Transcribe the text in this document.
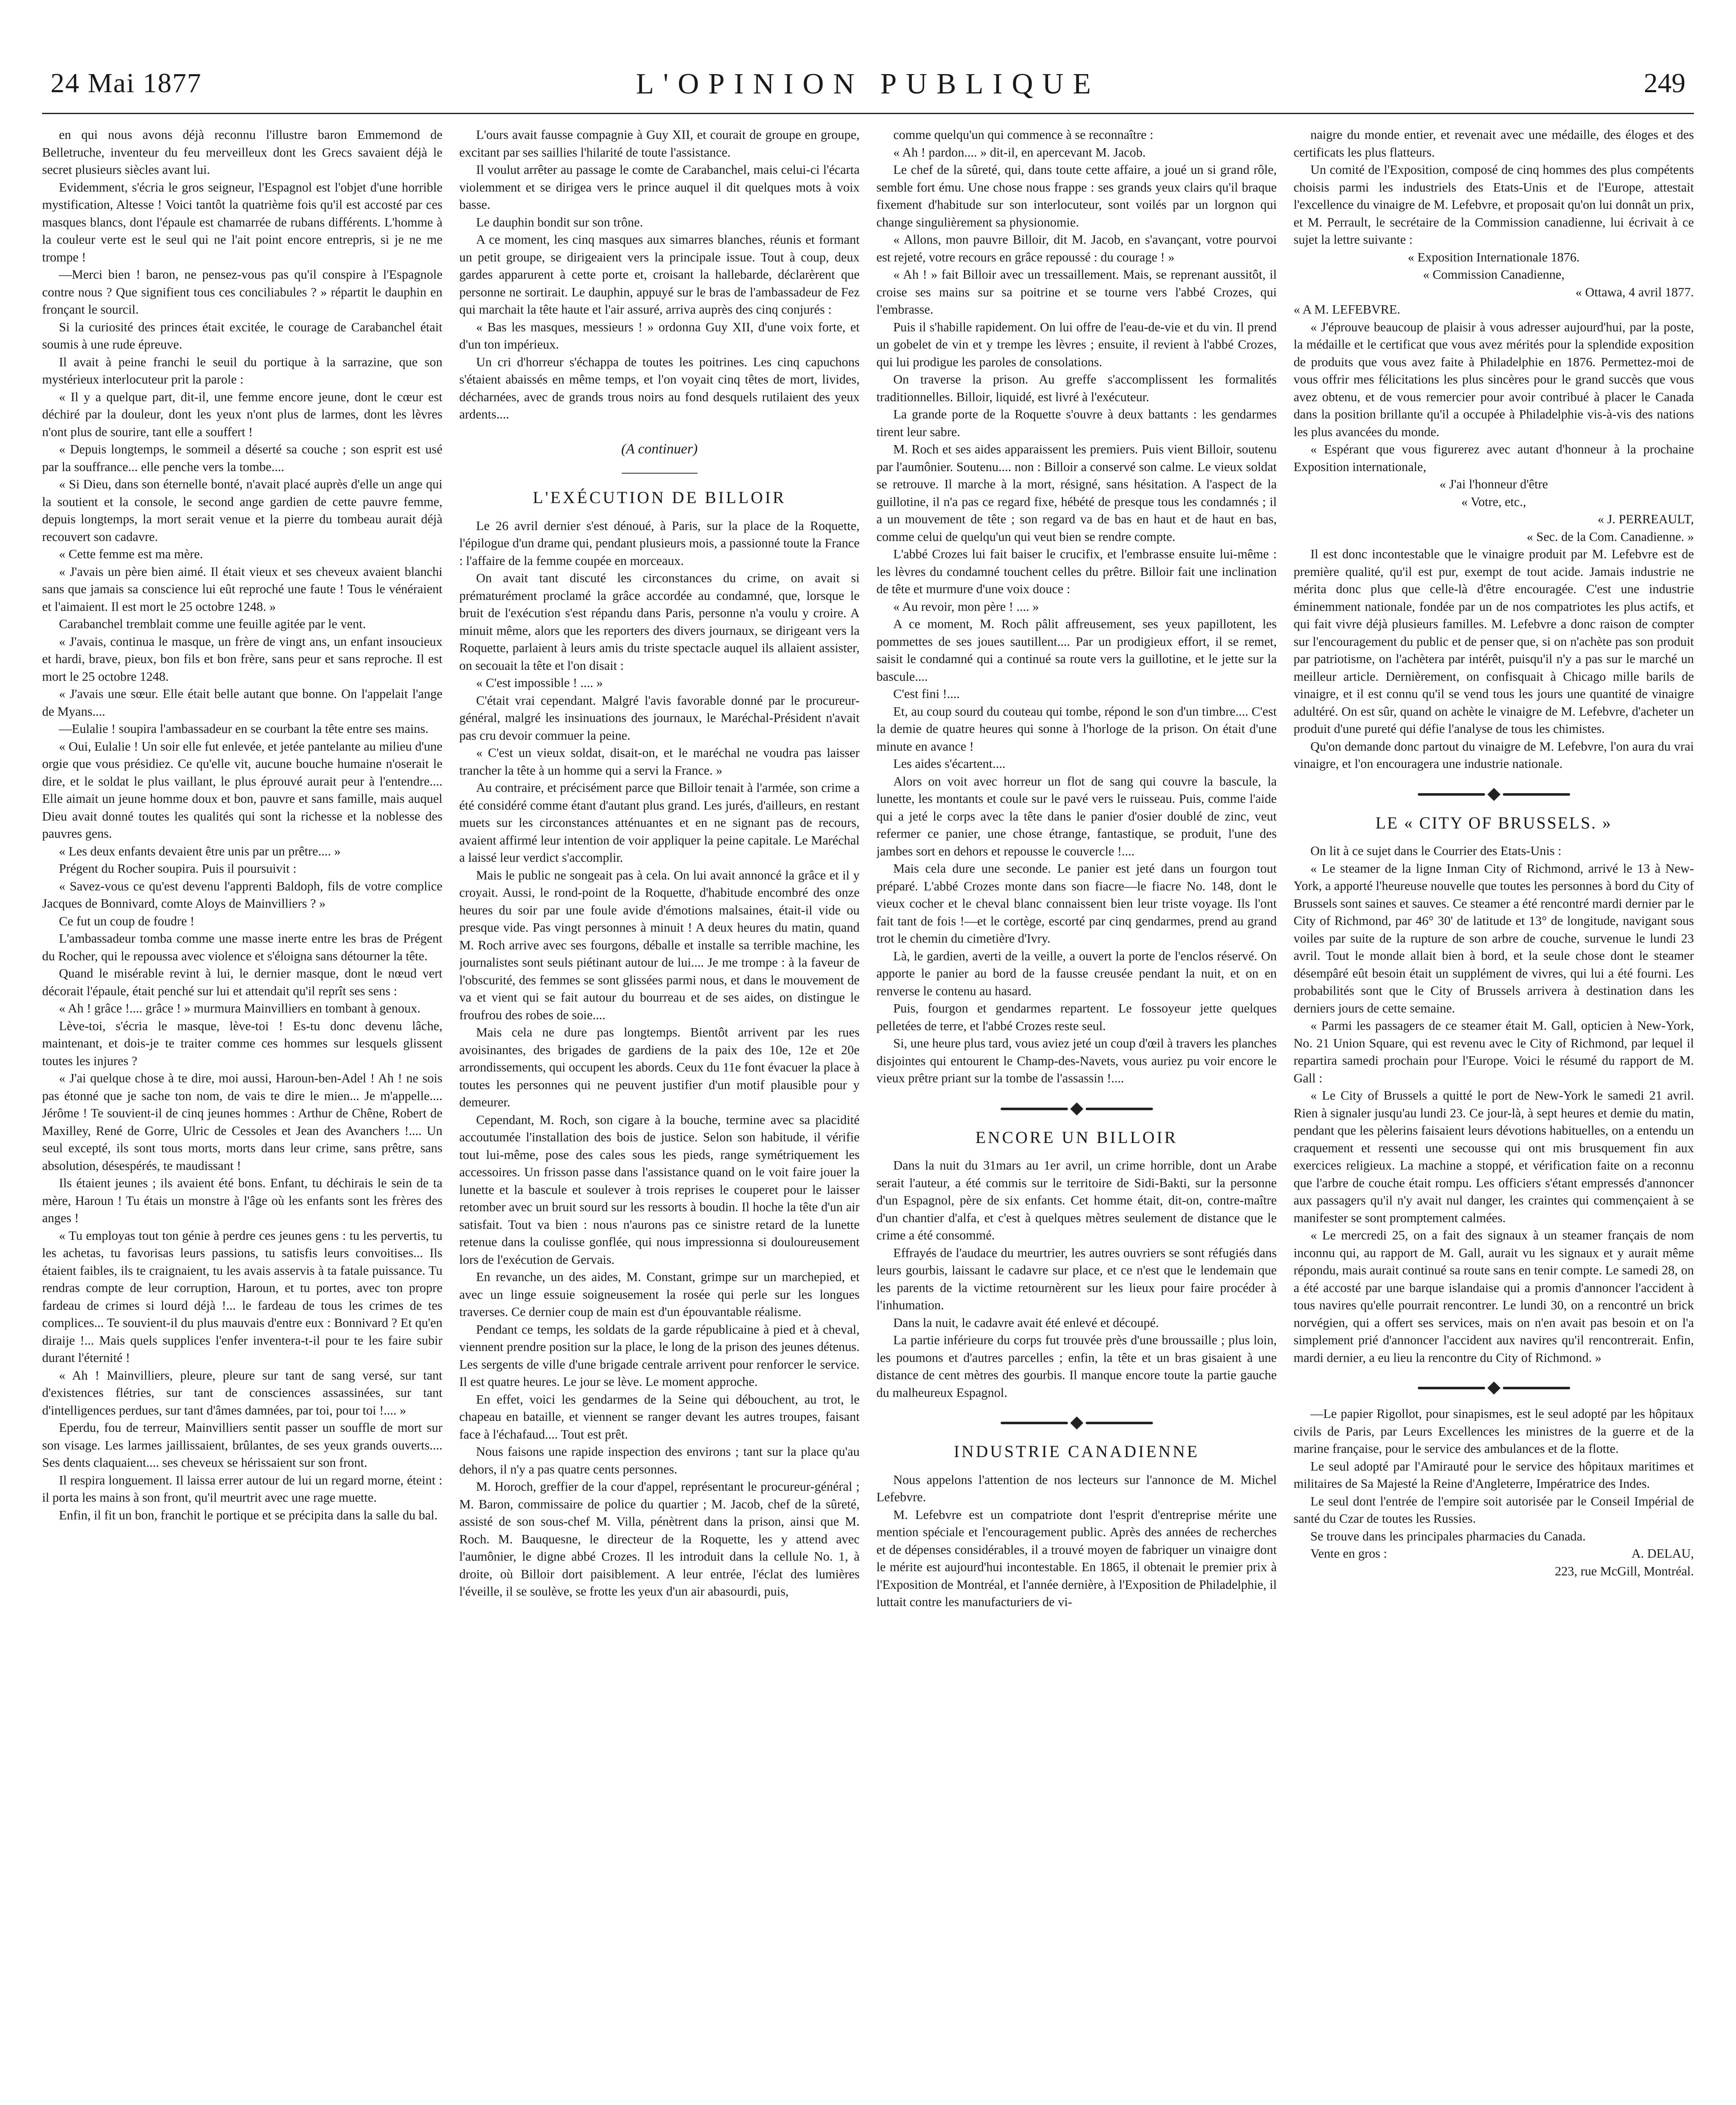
24 Mai 1877	L'OPINION PUBLIQUE	249

en qui nous avons déjà reconnu l'illustre baron Emmemond de Belletruche, inventeur du feu merveilleux dont les Grecs savaient déjà le secret plusieurs siècles avant lui.

Evidemment, s'écria le gros seigneur, l'Espagnol est l'objet d'une horrible mystification, Altesse ! Voici tantôt la quatrième fois qu'il est accosté par ces masques blancs, dont l'épaule est chamarrée de rubans différents. L'homme à la couleur verte est le seul qui ne l'ait point encore entrepris, si je ne me trompe !

—Merci bien ! baron, ne pensez-vous pas qu'il conspire à l'Espagnole contre nous ? Que signifient tous ces conciliabules ? » répartit le dauphin en fronçant le sourcil.

Si la curiosité des princes était excitée, le courage de Carabanchel était soumis à une rude épreuve.

Il avait à peine franchi le seuil du portique à la sarrazine, que son mystérieux interlocuteur prit la parole :

« Il y a quelque part, dit-il, une femme encore jeune, dont le cœur est déchiré par la douleur, dont les yeux n'ont plus de larmes, dont les lèvres n'ont plus de sourire, tant elle a souffert !

« Depuis longtemps, le sommeil a déserté sa couche ; son esprit est usé par la souffrance... elle penche vers la tombe....

« Si Dieu, dans son éternelle bonté, n'avait placé auprès d'elle un ange qui la soutient et la console, le second ange gardien de cette pauvre femme, depuis longtemps, la mort serait venue et la pierre du tombeau aurait déjà recouvert son cadavre.

« Cette femme est ma mère.

« J'avais un père bien aimé. Il était vieux et ses cheveux avaient blanchi sans que jamais sa conscience lui eût reproché une faute ! Tous le vénéraient et l'aimaient. Il est mort le 25 octobre 1248. »

Carabanchel tremblait comme une feuille agitée par le vent.

« J'avais, continua le masque, un frère de vingt ans, un enfant insoucieux et hardi, brave, pieux, bon fils et bon frère, sans peur et sans reproche. Il est mort le 25 octobre 1248.

« J'avais une sœur. Elle était belle autant que bonne. On l'appelait l'ange de Myans....

—Eulalie ! soupira l'ambassadeur en se courbant la tête entre ses mains.

« Oui, Eulalie ! Un soir elle fut enlevée, et jetée pantelante au milieu d'une orgie que vous présidiez. Ce qu'elle vit, aucune bouche humaine n'oserait le dire, et le soldat le plus vaillant, le plus éprouvé aurait peur à l'entendre.... Elle aimait un jeune homme doux et bon, pauvre et sans famille, mais auquel Dieu avait donné toutes les qualités qui sont la richesse et la noblesse des pauvres gens.

« Les deux enfants devaient être unis par un prêtre.... »

Prégent du Rocher soupira. Puis il poursuivit :

« Savez-vous ce qu'est devenu l'apprenti Baldoph, fils de votre complice Jacques de Bonnivard, comte Aloys de Mainvilliers ? »

Ce fut un coup de foudre !

L'ambassadeur tomba comme une masse inerte entre les bras de Prégent du Rocher, qui le repoussa avec violence et s'éloigna sans détourner la tête.

Quand le misérable revint à lui, le dernier masque, dont le nœud vert décorait l'épaule, était penché sur lui et attendait qu'il reprît ses sens :

« Ah ! grâce !.... grâce ! » murmura Mainvilliers en tombant à genoux.

Lève-toi, s'écria le masque, lève-toi ! Es-tu donc devenu lâche, maintenant, et dois-je te traiter comme ces hommes sur lesquels glissent toutes les injures ?

« J'ai quelque chose à te dire, moi aussi, Haroun-ben-Adel ! Ah ! ne sois pas étonné que je sache ton nom, de vais te dire le mien... Je m'appelle.... Jérôme ! Te souvient-il de cinq jeunes hommes : Arthur de Chêne, Robert de Maxilley, René de Gorre, Ulric de Cessoles et Jean des Avanchers !.... Un seul excepté, ils sont tous morts, morts dans leur crime, sans prêtre, sans absolution, désespérés, te maudissant !

Ils étaient jeunes ; ils avaient été bons. Enfant, tu déchirais le sein de ta mère, Haroun ! Tu étais un monstre à l'âge où les enfants sont les frères des anges !

« Tu employas tout ton génie à perdre ces jeunes gens : tu les pervertis, tu les achetas, tu favorisas leurs passions, tu satisfis leurs convoitises... Ils étaient faibles, ils te craignaient, tu les avais asservis à ta fatale puissance. Tu rendras compte de leur corruption, Haroun, et tu portes, avec ton propre fardeau de crimes si lourd déjà !... le fardeau de tous les crimes de tes complices... Te souvient-il du plus mauvais d'entre eux : Bonnivard ? Et qu'en diraije !... Mais quels supplices l'enfer inventera-t-il pour te les faire subir durant l'éternité !

« Ah ! Mainvilliers, pleure, pleure sur tant de sang versé, sur tant d'existences flétries, sur tant de consciences assassinées, sur tant d'intelligences perdues, sur tant d'âmes damnées, par toi, pour toi !.... »

Eperdu, fou de terreur, Mainvilliers sentit passer un souffle de mort sur son visage. Les larmes jaillissaient, brûlantes, de ses yeux grands ouverts.... Ses dents claquaient.... ses cheveux se hérissaient sur son front.

Il respira longuement. Il laissa errer autour de lui un regard morne, éteint : il porta les mains à son front, qu'il meurtrit avec une rage muette.

Enfin, il fit un bon, franchit le portique et se précipita dans la salle du bal.

L'ours avait fausse compagnie à Guy XII, et courait de groupe en groupe, excitant par ses saillies l'hilarité de toute l'assistance.

Il voulut arrêter au passage le comte de Carabanchel, mais celui-ci l'écarta violemment et se dirigea vers le prince auquel il dit quelques mots à voix basse.

Le dauphin bondit sur son trône.

A ce moment, les cinq masques aux simarres blanches, réunis et formant un petit groupe, se dirigeaient vers la principale issue. Tout à coup, deux gardes apparurent à cette porte et, croisant la hallebarde, déclarèrent que personne ne sortirait. Le dauphin, appuyé sur le bras de l'ambassadeur de Fez qui marchait la tête haute et l'air assuré, arriva auprès des cinq conjurés :

« Bas les masques, messieurs ! » ordonna Guy XII, d'une voix forte, et d'un ton impérieux.

Un cri d'horreur s'échappa de toutes les poitrines. Les cinq capuchons s'étaient abaissés en même temps, et l'on voyait cinq têtes de mort, livides, décharnées, avec de grands trous noirs au fond desquels rutilaient des yeux ardents....

(A continuer)
L'EXÉCUTION DE BILLOIR

Le 26 avril dernier s'est dénoué, à Paris, sur la place de la Roquette, l'épilogue d'un drame qui, pendant plusieurs mois, a passionné toute la France : l'affaire de la femme coupée en morceaux.

On avait tant discuté les circonstances du crime, on avait si prématurément proclamé la grâce accordée au condamné, que, lorsque le bruit de l'exécution s'est répandu dans Paris, personne n'a voulu y croire. A minuit même, alors que les reporters des divers journaux, se dirigeant vers la Roquette, parlaient à leurs amis du triste spectacle auquel ils allaient assister, on secouait la tête et l'on disait :

« C'est impossible ! .... »

C'était vrai cependant. Malgré l'avis favorable donné par le procureur-général, malgré les insinuations des journaux, le Maréchal-Président n'avait pas cru devoir commuer la peine.

« C'est un vieux soldat, disait-on, et le maréchal ne voudra pas laisser trancher la tête à un homme qui a servi la France. »

Au contraire, et précisément parce que Billoir tenait à l'armée, son crime a été considéré comme étant d'autant plus grand. Les jurés, d'ailleurs, en restant muets sur les circonstances atténuantes et en ne signant pas de recours, avaient affirmé leur intention de voir appliquer la peine capitale. Le Maréchal a laissé leur verdict s'accomplir.

Mais le public ne songeait pas à cela. On lui avait annoncé la grâce et il y croyait. Aussi, le rond-point de la Roquette, d'habitude encombré des onze heures du soir par une foule avide d'émotions malsaines, était-il vide ou presque vide. Pas vingt personnes à minuit ! A deux heures du matin, quand M. Roch arrive avec ses fourgons, déballe et installe sa terrible machine, les journalistes sont seuls piétinant autour de lui.... Je me trompe : à la faveur de l'obscurité, des femmes se sont glissées parmi nous, et dans le mouvement de va et vient qui se fait autour du bourreau et de ses aides, on distingue le froufrou des robes de soie....

Mais cela ne dure pas longtemps. Bientôt arrivent par les rues avoisinantes, des brigades de gardiens de la paix des 10e, 12e et 20e arrondissements, qui occupent les abords. Ceux du 11e font évacuer la place à toutes les personnes qui ne peuvent justifier d'un motif plausible pour y demeurer.

Cependant, M. Roch, son cigare à la bouche, termine avec sa placidité accoutumée l'installation des bois de justice. Selon son habitude, il vérifie tout lui-même, pose des cales sous les pieds, range symétriquement les accessoires. Un frisson passe dans l'assistance quand on le voit faire jouer la lunette et la bascule et soulever à trois reprises le couperet pour le laisser retomber avec un bruit sourd sur les ressorts à boudin. Il hoche la tête d'un air satisfait. Tout va bien : nous n'aurons pas ce sinistre retard de la lunette retenue dans la coulisse gonflée, qui nous impressionna si douloureusement lors de l'exécution de Gervais.

En revanche, un des aides, M. Constant, grimpe sur un marchepied, et avec un linge essuie soigneusement la rosée qui perle sur les longues traverses. Ce dernier coup de main est d'un épouvantable réalisme.

Pendant ce temps, les soldats de la garde républicaine à pied et à cheval, viennent prendre position sur la place, le long de la prison des jeunes détenus. Les sergents de ville d'une brigade centrale arrivent pour renforcer le service. Il est quatre heures. Le jour se lève. Le moment approche.

En effet, voici les gendarmes de la Seine qui débouchent, au trot, le chapeau en bataille, et viennent se ranger devant les autres troupes, faisant face à l'échafaud.... Tout est prêt.

Nous faisons une rapide inspection des environs ; tant sur la place qu'au dehors, il n'y a pas quatre cents personnes.

M. Horoch, greffier de la cour d'appel, représentant le procureur-général ; M. Baron, commissaire de police du quartier ; M. Jacob, chef de la sûreté, assisté de son sous-chef M. Villa, pénètrent dans la prison, ainsi que M. Roch. M. Bauquesne, le directeur de la Roquette, les y attend avec l'aumônier, le digne abbé Crozes. Il les introduit dans la cellule No. 1, à droite, où Billoir dort paisiblement. A leur entrée, l'éclat des lumières l'éveille, il se soulève, se frotte les yeux d'un air abasourdi, puis,

comme quelqu'un qui commence à se reconnaître :

« Ah ! pardon.... » dit-il, en apercevant M. Jacob.

Le chef de la sûreté, qui, dans toute cette affaire, a joué un si grand rôle, semble fort ému. Une chose nous frappe : ses grands yeux clairs qu'il braque fixement d'habitude sur son interlocuteur, sont voilés par un lorgnon qui change singulièrement sa physionomie.

« Allons, mon pauvre Billoir, dit M. Jacob, en s'avançant, votre pourvoi est rejeté, votre recours en grâce repoussé : du courage ! »

« Ah ! » fait Billoir avec un tressaillement. Mais, se reprenant aussitôt, il croise ses mains sur sa poitrine et se tourne vers l'abbé Crozes, qui l'embrasse.

Puis il s'habille rapidement. On lui offre de l'eau-de-vie et du vin. Il prend un gobelet de vin et y trempe les lèvres ; ensuite, il revient à l'abbé Crozes, qui lui prodigue les paroles de consolations.

On traverse la prison. Au greffe s'accomplissent les formalités traditionnelles. Billoir, liquidé, est livré à l'exécuteur.

La grande porte de la Roquette s'ouvre à deux battants : les gendarmes tirent leur sabre.

M. Roch et ses aides apparaissent les premiers. Puis vient Billoir, soutenu par l'aumônier. Soutenu.... non : Billoir a conservé son calme. Le vieux soldat se retrouve. Il marche à la mort, résigné, sans hésitation. A l'aspect de la guillotine, il n'a pas ce regard fixe, hébété de presque tous les condamnés ; il a un mouvement de tête ; son regard va de bas en haut et de haut en bas, comme celui de quelqu'un qui veut bien se rendre compte.

L'abbé Crozes lui fait baiser le crucifix, et l'embrasse ensuite lui-même : les lèvres du condamné touchent celles du prêtre. Billoir fait une inclination de tête et murmure d'une voix douce :

« Au revoir, mon père ! .... »

A ce moment, M. Roch pâlit affreusement, ses yeux papillotent, les pommettes de ses joues sautillent.... Par un prodigieux effort, il se remet, saisit le condamné qui a continué sa route vers la guillotine, et le jette sur la bascule....

C'est fini !....

Et, au coup sourd du couteau qui tombe, répond le son d'un timbre.... C'est la demie de quatre heures qui sonne à l'horloge de la prison. On était d'une minute en avance !

Les aides s'écartent....

Alors on voit avec horreur un flot de sang qui couvre la bascule, la lunette, les montants et coule sur le pavé vers le ruisseau. Puis, comme l'aide qui a jeté le corps avec la tête dans le panier d'osier doublé de zinc, veut refermer ce panier, une chose étrange, fantastique, se produit, l'une des jambes sort en dehors et repousse le couvercle !....

Mais cela dure une seconde. Le panier est jeté dans un fourgon tout préparé. L'abbé Crozes monte dans son fiacre—le fiacre No. 148, dont le vieux cocher et le cheval blanc connaissent bien leur triste voyage. Ils l'ont fait tant de fois !—et le cortège, escorté par cinq gendarmes, prend au grand trot le chemin du cimetière d'Ivry.

Là, le gardien, averti de la veille, a ouvert la porte de l'enclos réservé. On apporte le panier au bord de la fausse creusée pendant la nuit, et on en renverse le contenu au hasard.

Puis, fourgon et gendarmes repartent. Le fossoyeur jette quelques pelletées de terre, et l'abbé Crozes reste seul.

Si, une heure plus tard, vous aviez jeté un coup d'œil à travers les planches disjointes qui entourent le Champ-des-Navets, vous auriez pu voir encore le vieux prêtre priant sur la tombe de l'assassin !....

ENCORE UN BILLOIR

Dans la nuit du 31mars au 1er avril, un crime horrible, dont un Arabe serait l'auteur, a été commis sur le territoire de Sidi-Bakti, sur la personne d'un Espagnol, père de six enfants. Cet homme était, dit-on, contre-maître d'un chantier d'alfa, et c'est à quelques mètres seulement de distance que le crime a été consommé.

Effrayés de l'audace du meurtrier, les autres ouvriers se sont réfugiés dans leurs gourbis, laissant le cadavre sur place, et ce n'est que le lendemain que les parents de la victime retournèrent sur les lieux pour faire procéder à l'inhumation.

Dans la nuit, le cadavre avait été enlevé et découpé.

La partie inférieure du corps fut trouvée près d'une broussaille ; plus loin, les poumons et d'autres parcelles ; enfin, la tête et un bras gisaient à une distance de cent mètres des gourbis. Il manque encore toute la partie gauche du malheureux Espagnol.

INDUSTRIE CANADIENNE

Nous appelons l'attention de nos lecteurs sur l'annonce de M. Michel Lefebvre.

M. Lefebvre est un compatriote dont l'esprit d'entreprise mérite une mention spéciale et l'encouragement public. Après des années de recherches et de dépenses considérables, il a trouvé moyen de fabriquer un vinaigre dont le mérite est aujourd'hui incontestable. En 1865, il obtenait le premier prix à l'Exposition de Montréal, et l'année dernière, à l'Exposition de Philadelphie, il luttait contre les manufacturiers de vi-

naigre du monde entier, et revenait avec une médaille, des éloges et des certificats les plus flatteurs.

Un comité de l'Exposition, composé de cinq hommes des plus compétents choisis parmi les industriels des Etats-Unis et de l'Europe, attestait l'excellence du vinaigre de M. Lefebvre, et proposait qu'on lui donnât un prix, et M. Perrault, le secrétaire de la Commission canadienne, lui écrivait à ce sujet la lettre suivante :

« Exposition Internationale 1876.

« Commission Canadienne,

« Ottawa, 4 avril 1877.

« A M. LEFEBVRE.

« J'éprouve beaucoup de plaisir à vous adresser aujourd'hui, par la poste, la médaille et le certificat que vous avez mérités pour la splendide exposition de produits que vous avez faite à Philadelphie en 1876. Permettez-moi de vous offrir mes félicitations les plus sincères pour le grand succès que vous avez obtenu, et de vous remercier pour avoir contribué à placer le Canada dans la position brillante qu'il a occupée à Philadelphie vis-à-vis des nations les plus avancées du monde.

« Espérant que vous figurerez avec autant d'honneur à la prochaine Exposition internationale,

« J'ai l'honneur d'être

« Votre, etc.,

« J. PERREAULT,

« Sec. de la Com. Canadienne. »

Il est donc incontestable que le vinaigre produit par M. Lefebvre est de première qualité, qu'il est pur, exempt de tout acide. Jamais industrie ne mérita donc plus que celle-là d'être encouragée. C'est une industrie éminemment nationale, fondée par un de nos compatriotes les plus actifs, et qui fait vivre déjà plusieurs familles. M. Lefebvre a donc raison de compter sur l'encouragement du public et de penser que, si on n'achète pas son produit par patriotisme, on l'achètera par intérêt, puisqu'il n'y a pas sur le marché un meilleur article. Dernièrement, on confisquait à Chicago mille barils de vinaigre, et il est connu qu'il se vend tous les jours une quantité de vinaigre adultéré. On est sûr, quand on achète le vinaigre de M. Lefebvre, d'acheter un produit d'une pureté qui défie l'analyse de tous les chimistes.

Qu'on demande donc partout du vinaigre de M. Lefebvre, l'on aura du vrai vinaigre, et l'on encouragera une industrie nationale.

LE « CITY OF BRUSSELS. »

On lit à ce sujet dans le Courrier des Etats-Unis :

« Le steamer de la ligne Inman City of Richmond, arrivé le 13 à New-York, a apporté l'heureuse nouvelle que toutes les personnes à bord du City of Brussels sont saines et sauves. Ce steamer a été rencontré mardi dernier par le City of Richmond, par 46° 30' de latitude et 13° de longitude, navigant sous voiles par suite de la rupture de son arbre de couche, survenue le lundi 23 avril. Tout le monde allait bien à bord, et la seule chose dont le steamer désempâré eût besoin était un supplément de vivres, qui lui a été fourni. Les probabilités sont que le City of Brussels arrivera à destination dans les derniers jours de cette semaine.

« Parmi les passagers de ce steamer était M. Gall, opticien à New-York, No. 21 Union Square, qui est revenu avec le City of Richmond, par lequel il repartira samedi prochain pour l'Europe. Voici le résumé du rapport de M. Gall :

« Le City of Brussels a quitté le port de New-York le samedi 21 avril. Rien à signaler jusqu'au lundi 23. Ce jour-là, à sept heures et demie du matin, pendant que les pèlerins faisaient leurs dévotions habituelles, on a entendu un craquement et ressenti une secousse qui ont mis brusquement fin aux exercices religieux. La machine a stoppé, et vérification faite on a reconnu que l'arbre de couche était rompu. Les officiers s'étant empressés d'annoncer aux passagers qu'il n'y avait nul danger, les craintes qui commençaient à se manifester se sont promptement calmées.

« Le mercredi 25, on a fait des signaux à un steamer français de nom inconnu qui, au rapport de M. Gall, aurait vu les signaux et y aurait même répondu, mais aurait continué sa route sans en tenir compte. Le samedi 28, on a été accosté par une barque islandaise qui a promis d'annoncer l'accident à tous navires qu'elle pourrait rencontrer. Le lundi 30, on a rencontré un brick norvégien, qui a offert ses services, mais on n'en avait pas besoin et on l'a simplement prié d'annoncer l'accident aux navires qu'il rencontrerait. Enfin, mardi dernier, a eu lieu la rencontre du City of Richmond. »

—Le papier Rigollot, pour sinapismes, est le seul adopté par les hôpitaux civils de Paris, par Leurs Excellences les ministres de la guerre et de la marine française, pour le service des ambulances et de la flotte.

Le seul adopté par l'Amirauté pour le service des hôpitaux maritimes et militaires de Sa Majesté la Reine d'Angleterre, Impératrice des Indes.

Le seul dont l'entrée de l'empire soit autorisée par le Conseil Impérial de santé du Czar de toutes les Russies.

Se trouve dans les principales pharmacies du Canada.

Vente en gros :	A. DELAU,

223, rue McGill, Montréal.
